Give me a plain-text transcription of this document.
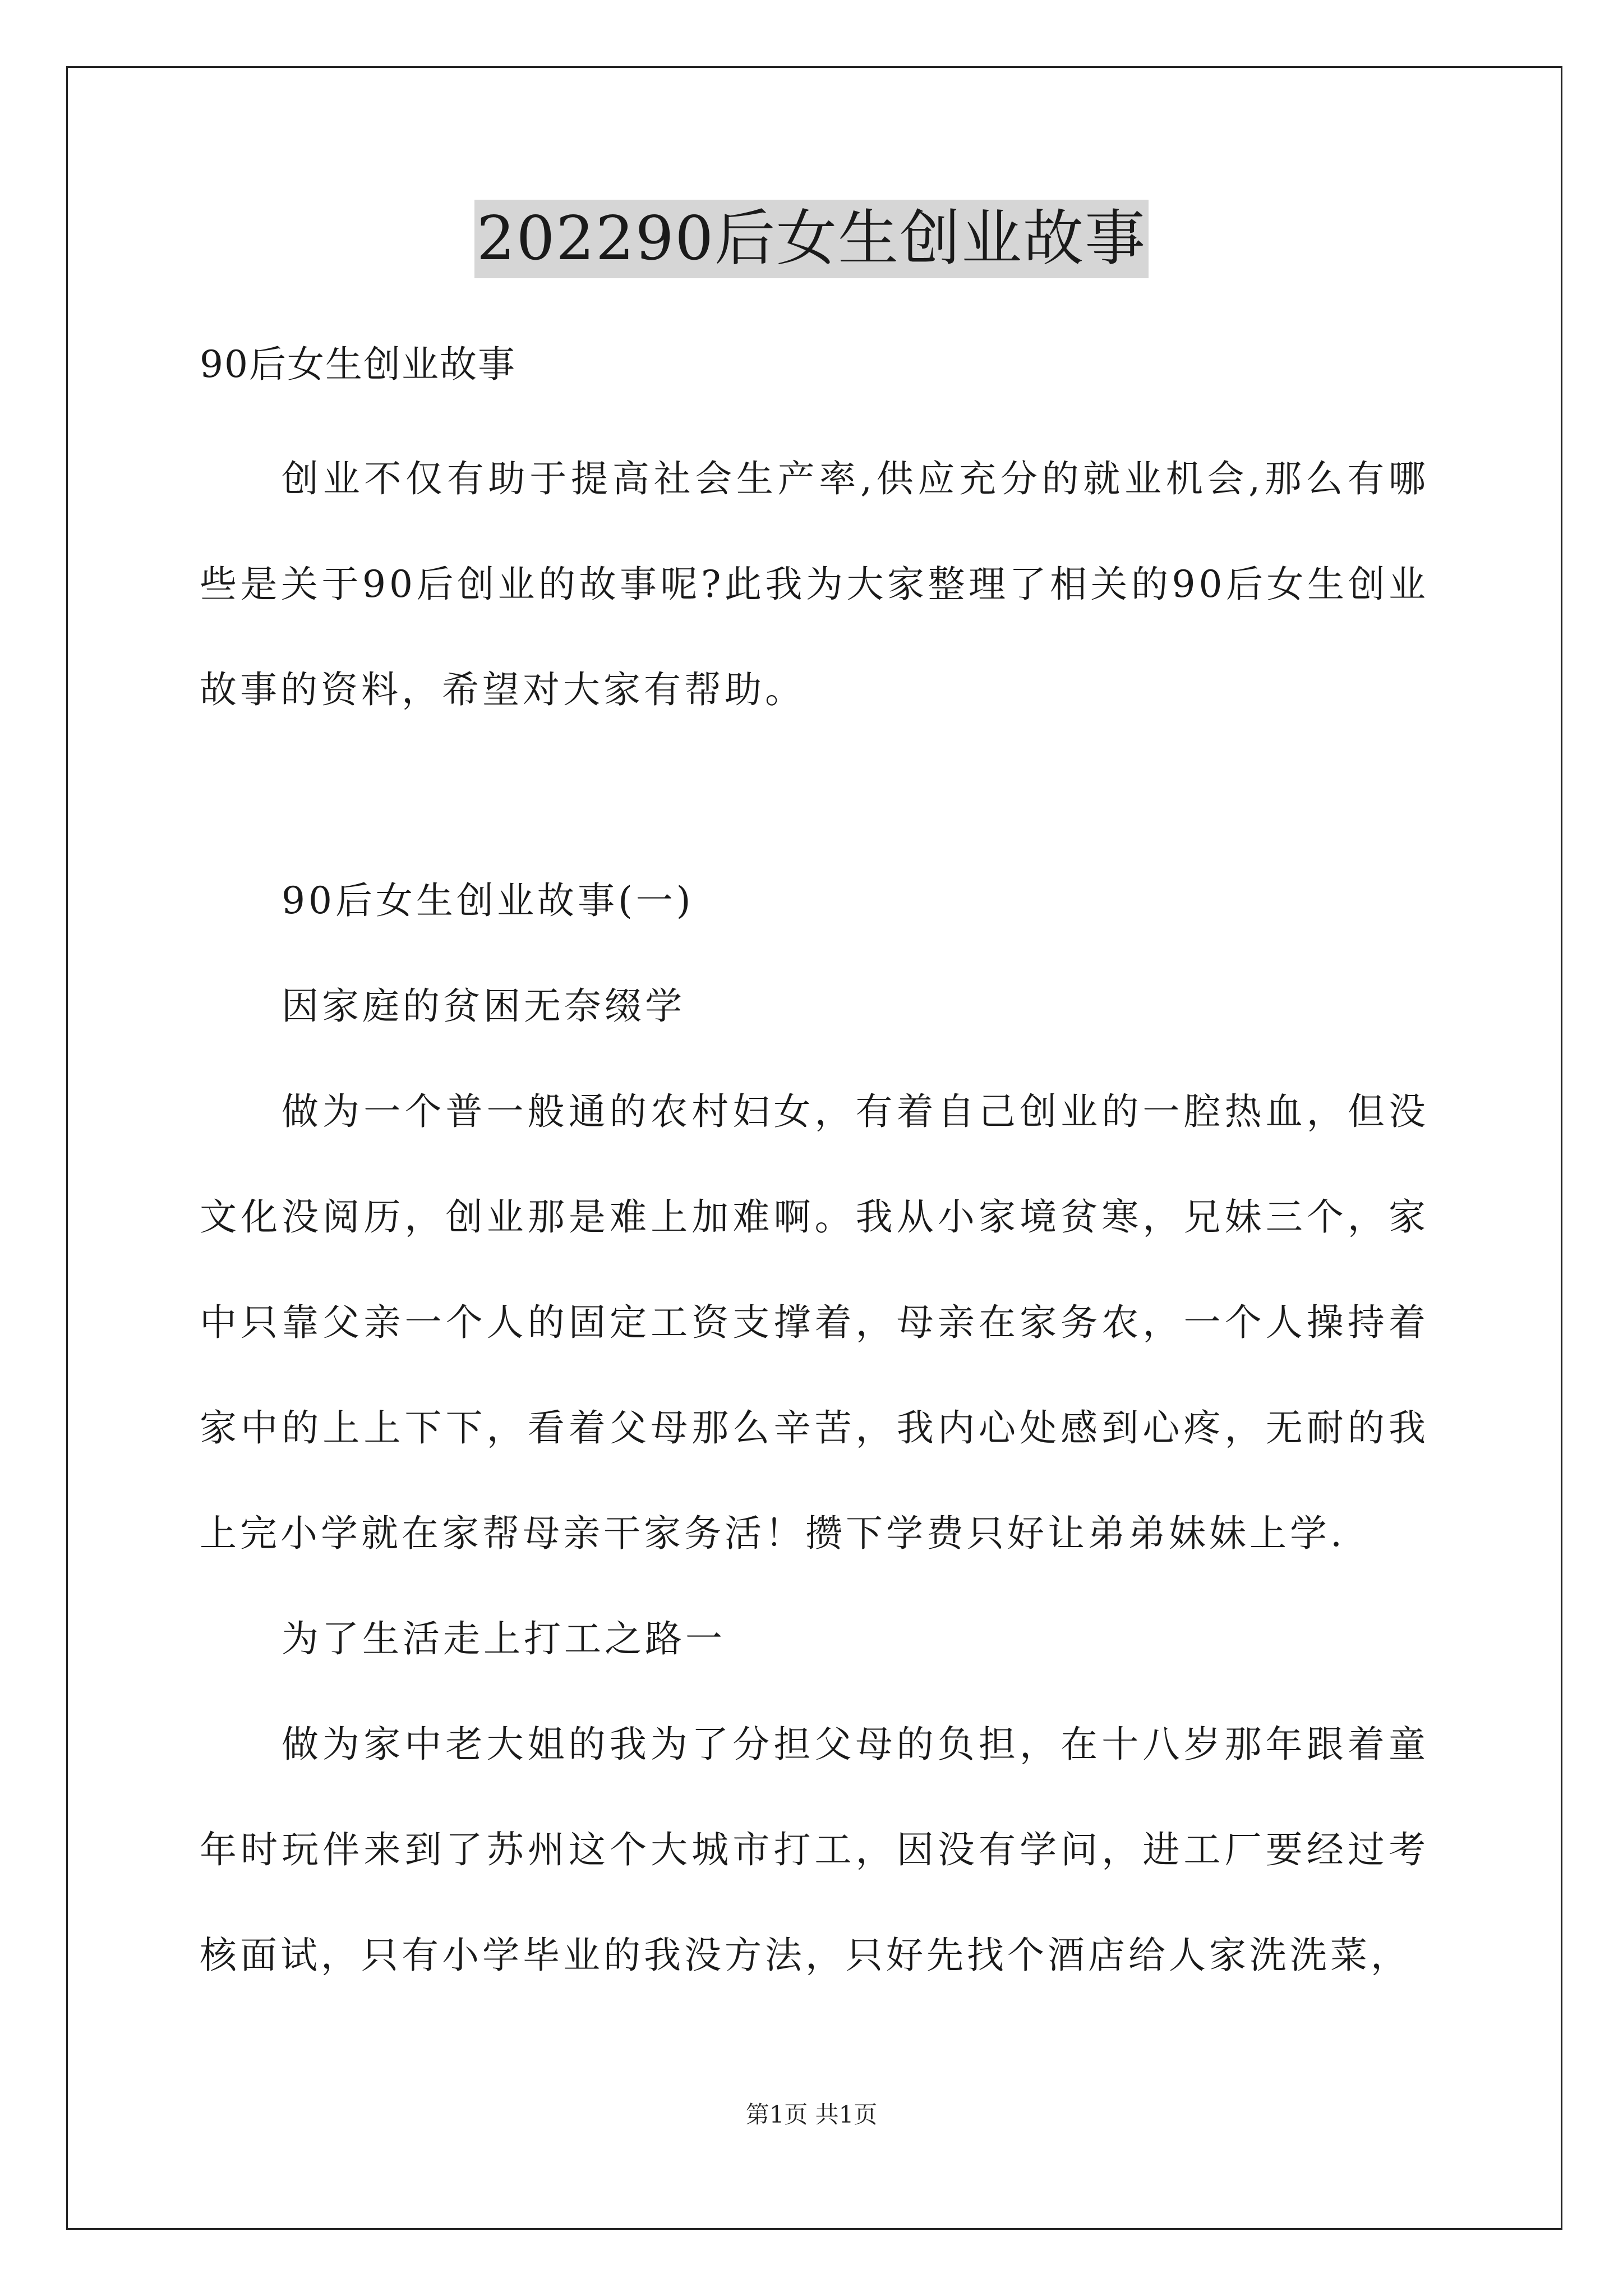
202290后女生创业故事

90后女生创业故事

创业不仅有助于提高社会生产率,供应充分的就业机会,那么有哪些是关于90后创业的故事呢?此我为大家整理了相关的90后女生创业故事的资料，希望对大家有帮助。

90后女生创业故事(一)

因家庭的贫困无奈缀学

做为一个普一般通的农村妇女，有着自己创业的一腔热血，但没文化没阅历，创业那是难上加难啊。我从小家境贫寒，兄妹三个，家中只靠父亲一个人的固定工资支撑着，母亲在家务农，一个人操持着家中的上上下下，看着父母那么辛苦，我内心处感到心疼，无耐的我上完小学就在家帮母亲干家务活！攒下学费只好让弟弟妹妹上学.

为了生活走上打工之路一

做为家中老大姐的我为了分担父母的负担，在十八岁那年跟着童年时玩伴来到了苏州这个大城市打工，因没有学问，进工厂要经过考核面试，只有小学毕业的我没方法，只好先找个酒店给人家洗洗菜，

第1页 共1页
